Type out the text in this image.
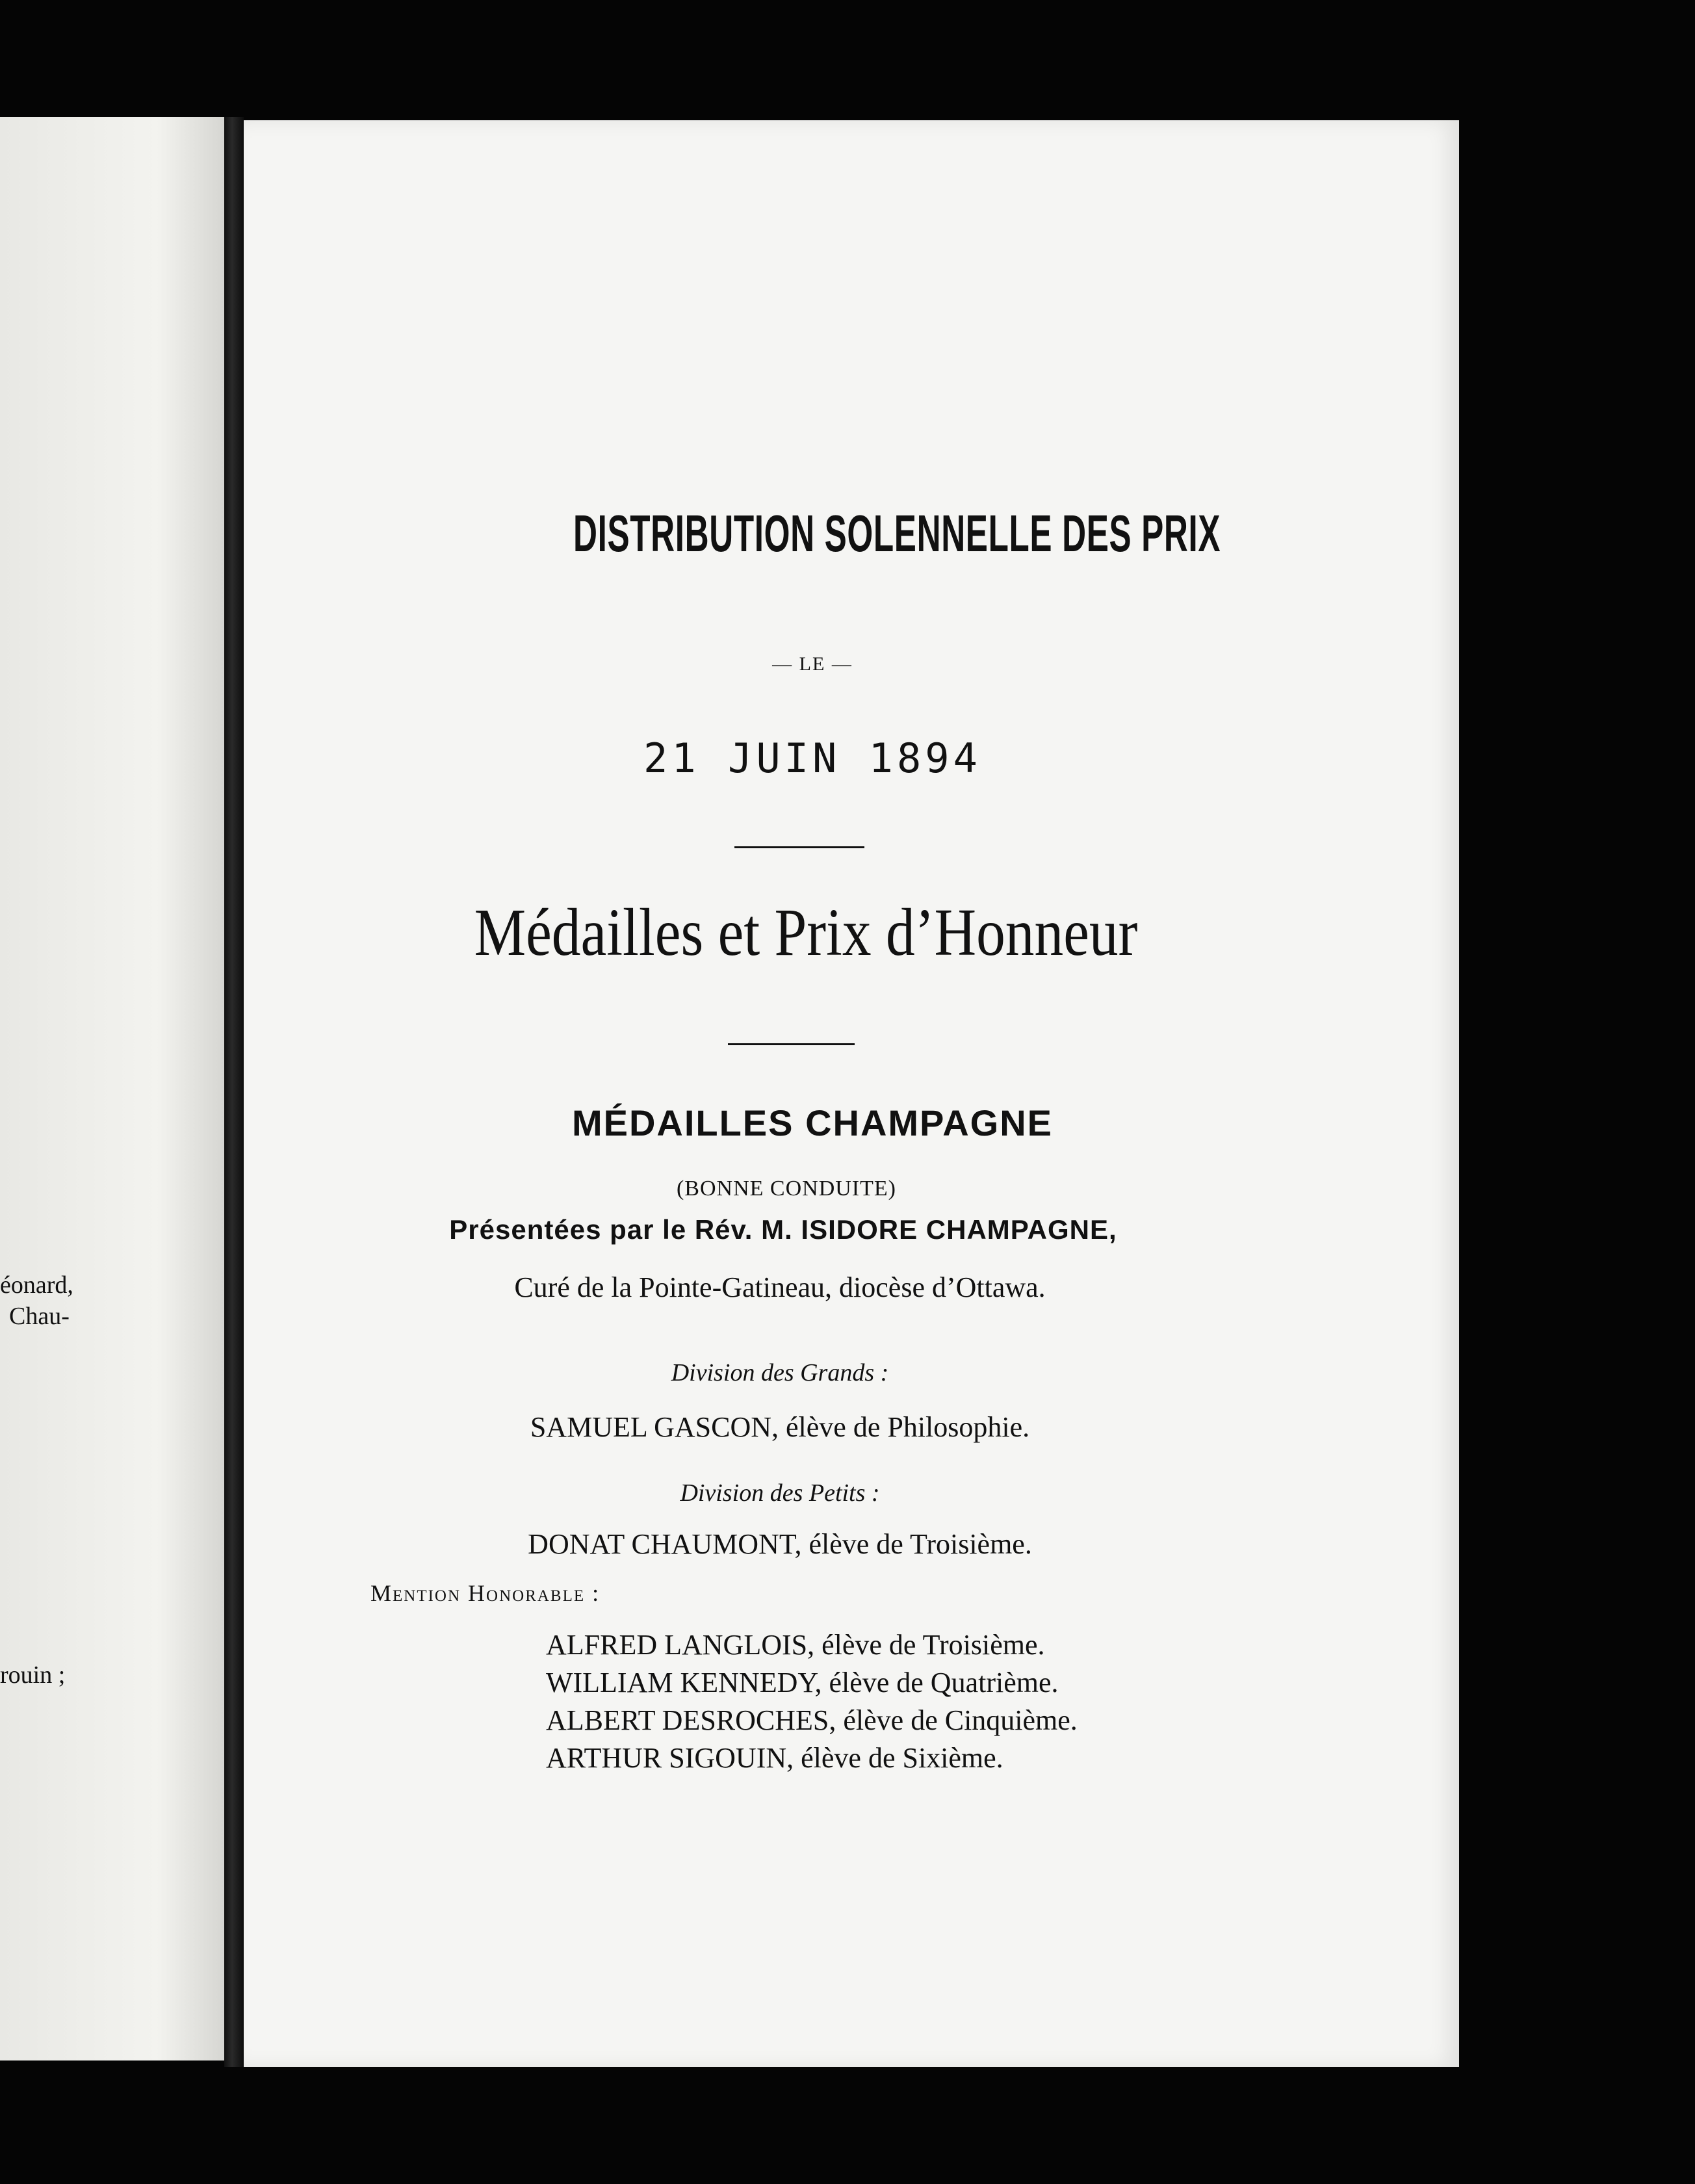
éonard,
Chau-
rouin ;
DISTRIBUTION SOLENNELLE DES PRIX
— LE —
21 JUIN 1894
Médailles et Prix d’Honneur
MÉDAILLES CHAMPAGNE
(BONNE CONDUITE)
Présentées par le Rév. M. ISIDORE CHAMPAGNE,
Curé de la Pointe-Gatineau, diocèse d’Ottawa.
Division des Grands :
SAMUEL GASCON, élève de Philosophie.
Division des Petits :
DONAT CHAUMONT, élève de Troisième.
Mention Honorable :
ALFRED LANGLOIS, élève de Troisième.
WILLIAM KENNEDY, élève de Quatrième.
ALBERT DESROCHES, élève de Cinquième.
ARTHUR SIGOUIN, élève de Sixième.
